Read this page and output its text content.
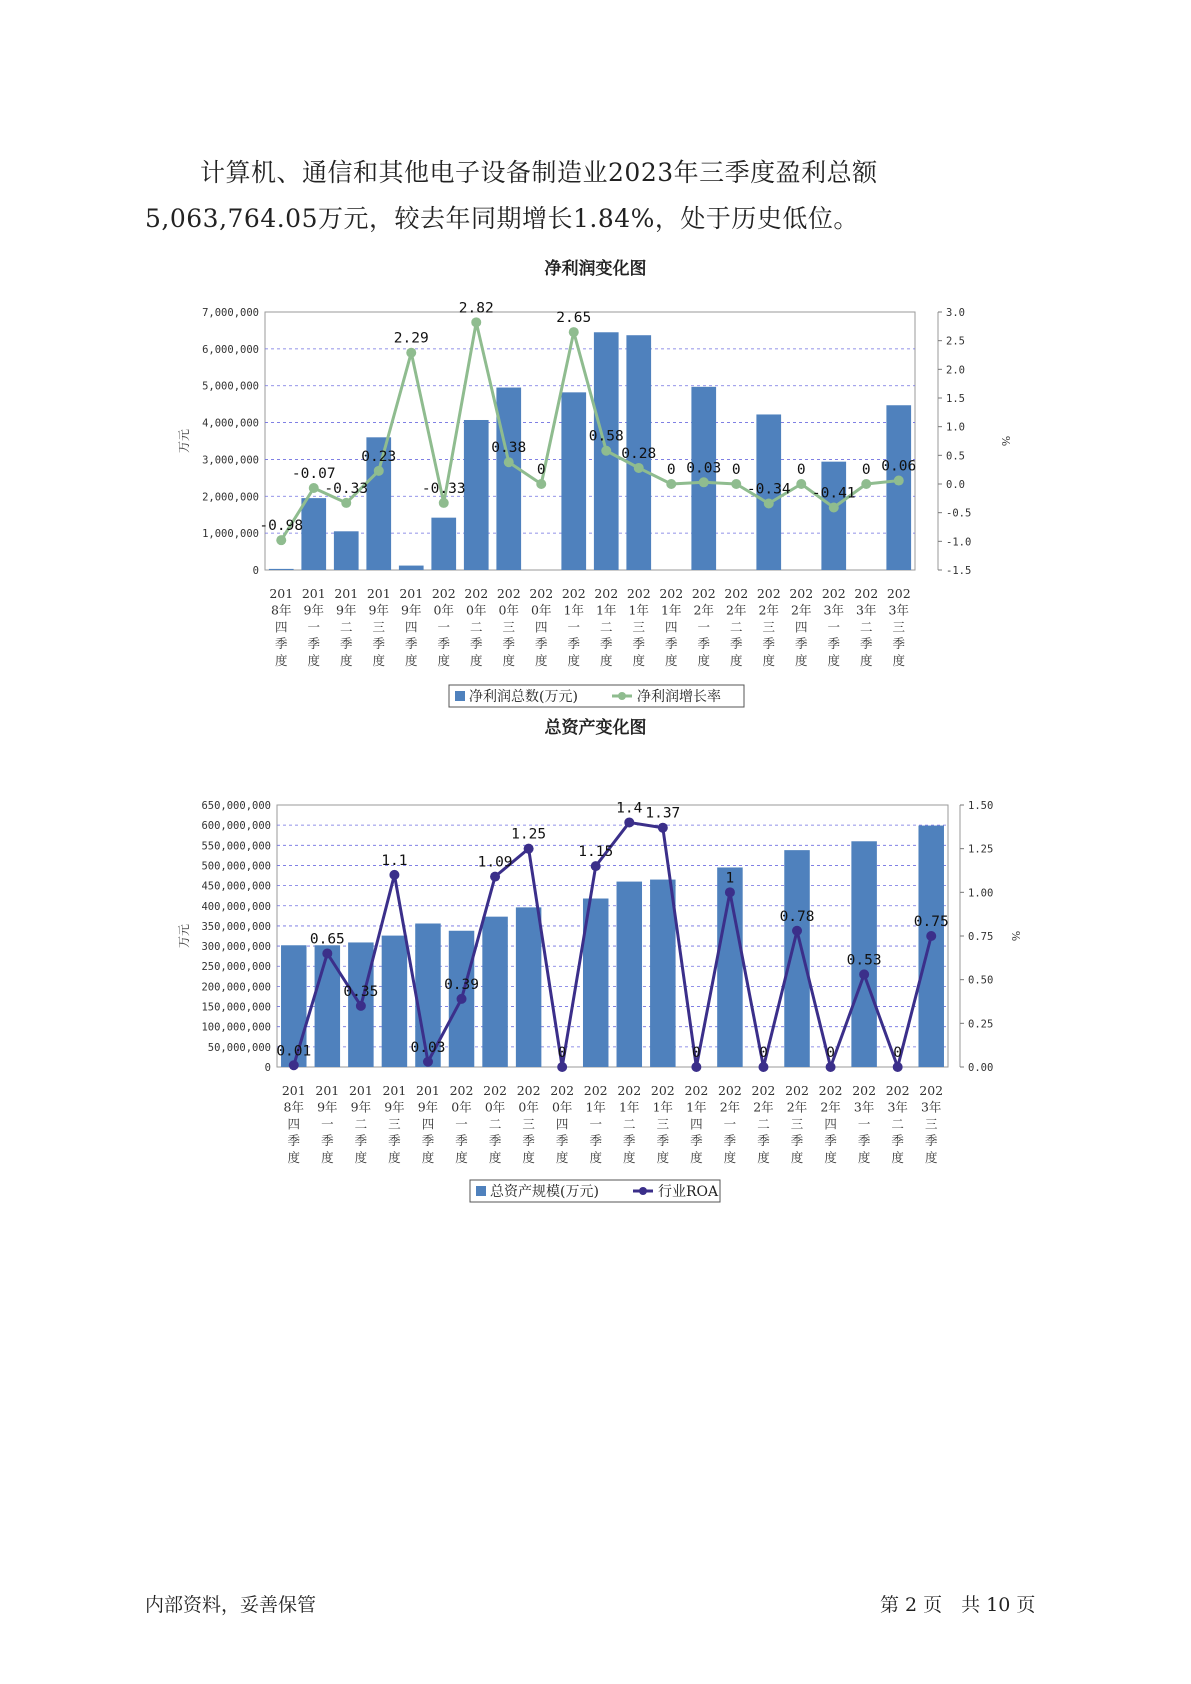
计算机、通信和其他电子设备制造业2023年三季度盈利总额
5,063,764.05万元，较去年同期增长1.84%，处于历史低位。
净利润变化图
0
1,000,000
2,000,000
3,000,000
4,000,000
5,000,000
6,000,000
7,000,000
万元
-1.5
-1.0
-0.5
0.0
0.5
1.0
1.5
2.0
2.5
3.0
%
-0.98
-0.07
-0.33
0.23
2.29
-0.33
2.82
0.38
0
2.65
0.58
0.28
0 0.03 0
-0.34
0
-0.41
0 0.06
201
8年
四
季
度
201
9年
一
季
度
201
9年
二
季
度
201
9年
三
季
度
201
9年
四
季
度
202
0年
一
季
度
202
0年
二
季
度
202
0年
三
季
度
202
0年
四
季
度
202
1年
一
季
度
202
1年
二
季
度
202
1年
三
季
度
202
1年
四
季
度
202
2年
一
季
度
202
2年
二
季
度
202
2年
三
季
度
202
2年
四
季
度
202
3年
一
季
度
202
3年
二
季
度
202
3年
三
季
度
净利润总数(万元)	净利润增长率
总资产变化图
0
50,000,000
100,000,000
150,000,000
200,000,000
250,000,000
300,000,000
350,000,000
400,000,000
450,000,000
500,000,000
550,000,000
600,000,000
650,000,000
万元
0.00
0.25
0.50
0.75
1.00
1.25
1.50
%
0.01
0.65
0.35
1.1
0.03
0.39
1.09
1.25
0
1.15
1.4 1.37
0
1
0
0.78
0
0.53
0
0.75
201
8年
四
季
度
201
9年
一
季
度
201
9年
二
季
度
201
9年
三
季
度
201
9年
四
季
度
202
0年
一
季
度
202
0年
二
季
度
202
0年
三
季
度
202
0年
四
季
度
202
1年
一
季
度
202
1年
二
季
度
202
1年
三
季
度
202
1年
四
季
度
202
2年
一
季
度
202
2年
二
季
度
202
2年
三
季
度
202
2年
四
季
度
202
3年
一
季
度
202
3年
二
季
度
202
3年
三
季
度
总资产规模(万元)	行业ROA
内部资料，妥善保管	第 2 页　共 10 页
